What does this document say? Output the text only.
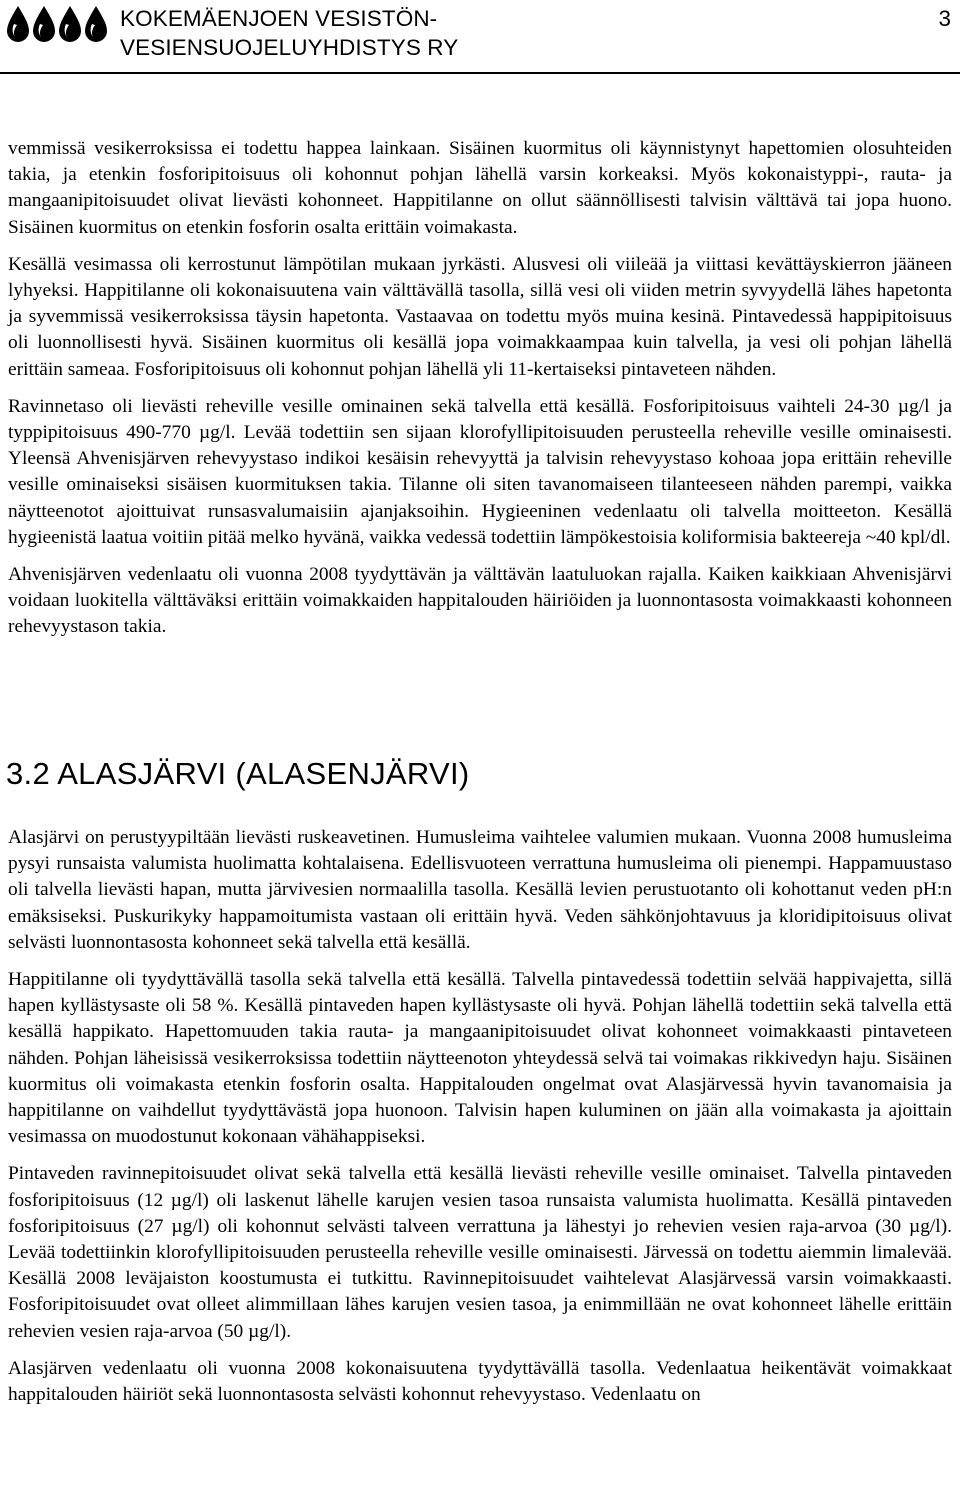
KOKEMÄENJOEN VESISTÖN-
VESIENSUOJELUYHDISTYS RY
3

vemmissä vesikerroksissa ei todettu happea lainkaan. Sisäinen kuormitus oli käynnistynyt hapettomien olosuhteiden takia, ja etenkin fosforipitoisuus oli kohonnut pohjan lähellä varsin korkeaksi. Myös kokonaistyppi-, rauta- ja mangaanipitoisuudet olivat lievästi kohonneet. Happitilanne on ollut säännöllisesti talvisin välttävä tai jopa huono. Sisäinen kuormitus on etenkin fosforin osalta erittäin voimakasta.

Kesällä vesimassa oli kerrostunut lämpötilan mukaan jyrkästi. Alusvesi oli viileää ja viittasi kevättäyskierron jääneen lyhyeksi. Happitilanne oli kokonaisuutena vain välttävällä tasolla, sillä vesi oli viiden metrin syvyydellä lähes hapetonta ja syvemmissä vesikerroksissa täysin hapetonta. Vastaavaa on todettu myös muina kesinä. Pintavedessä happipitoisuus oli luonnollisesti hyvä. Sisäinen kuormitus oli kesällä jopa voimakkaampaa kuin talvella, ja vesi oli pohjan lähellä erittäin sameaa. Fosforipitoisuus oli kohonnut pohjan lähellä yli 11-kertaiseksi pintaveteen nähden.

Ravinnetaso oli lievästi reheville vesille ominainen sekä talvella että kesällä. Fosforipitoisuus vaihteli 24-30 µg/l ja typpipitoisuus 490-770 µg/l. Levää todettiin sen sijaan klorofyllipitoisuuden perusteella reheville vesille ominaisesti. Yleensä Ahvenisjärven rehevyystaso indikoi kesäisin rehevyyttä ja talvisin rehevyystaso kohoaa jopa erittäin reheville vesille ominaiseksi sisäisen kuormituksen takia. Tilanne oli siten tavanomaiseen tilanteeseen nähden parempi, vaikka näytteenotot ajoittuivat runsasvalumaisiin ajanjaksoihin. Hygieeninen vedenlaatu oli talvella moitteeton. Kesällä hygieenistä laatua voitiin pitää melko hyvänä, vaikka vedessä todettiin lämpökestoisia koliformisia bakteereja ~40 kpl/dl.

Ahvenisjärven vedenlaatu oli vuonna 2008 tyydyttävän ja välttävän laatuluokan rajalla. Kaiken kaikkiaan Ahvenisjärvi voidaan luokitella välttäväksi erittäin voimakkaiden happitalouden häiriöiden ja luonnontasosta voimakkaasti kohonneen rehevyystason takia.

3.2 ALASJÄRVI (ALASENJÄRVI)

Alasjärvi on perustyypiltään lievästi ruskeavetinen. Humusleima vaihtelee valumien mukaan. Vuonna 2008 humusleima pysyi runsaista valumista huolimatta kohtalaisena. Edellisvuoteen verrattuna humusleima oli pienempi. Happamuustaso oli talvella lievästi hapan, mutta järvivesien normaalilla tasolla. Kesällä levien perustuotanto oli kohottanut veden pH:n emäksiseksi. Puskurikyky happamoitumista vastaan oli erittäin hyvä. Veden sähkönjohtavuus ja kloridipitoisuus olivat selvästi luonnontasosta kohonneet sekä talvella että kesällä.

Happitilanne oli tyydyttävällä tasolla sekä talvella että kesällä. Talvella pintavedessä todettiin selvää happivajetta, sillä hapen kyllästysaste oli 58 %. Kesällä pintaveden hapen kyllästysaste oli hyvä. Pohjan lähellä todettiin sekä talvella että kesällä happikato. Hapettomuuden takia rauta- ja mangaanipitoisuudet olivat kohonneet voimakkaasti pintaveteen nähden. Pohjan läheisissä vesikerroksissa todettiin näytteenoton yhteydessä selvä tai voimakas rikkivedyn haju. Sisäinen kuormitus oli voimakasta etenkin fosforin osalta. Happitalouden ongelmat ovat Alasjärvessä hyvin tavanomaisia ja happitilanne on vaihdellut tyydyttävästä jopa huonoon. Talvisin hapen kuluminen on jään alla voimakasta ja ajoittain vesimassa on muodostunut kokonaan vähähappiseksi.

Pintaveden ravinnepitoisuudet olivat sekä talvella että kesällä lievästi reheville vesille ominaiset. Talvella pintaveden fosforipitoisuus (12 µg/l) oli laskenut lähelle karujen vesien tasoa runsaista valumista huolimatta. Kesällä pintaveden fosforipitoisuus (27 µg/l) oli kohonnut selvästi talveen verrattuna ja lähestyi jo rehevien vesien raja-arvoa (30 µg/l). Levää todettiinkin klorofyllipitoisuuden perusteella reheville vesille ominaisesti. Järvessä on todettu aiemmin limalevää. Kesällä 2008 leväjaiston koostumusta ei tutkittu. Ravinnepitoisuudet vaihtelevat Alasjärvessä varsin voimakkaasti. Fosforipitoisuudet ovat olleet alimmillaan lähes karujen vesien tasoa, ja enimmillään ne ovat kohonneet lähelle erittäin rehevien vesien raja-arvoa (50 µg/l).

Alasjärven vedenlaatu oli vuonna 2008 kokonaisuutena tyydyttävällä tasolla. Vedenlaatua heikentävät voimakkaat happitalouden häiriöt sekä luonnontasosta selvästi kohonnut rehevyystaso. Vedenlaatu on
